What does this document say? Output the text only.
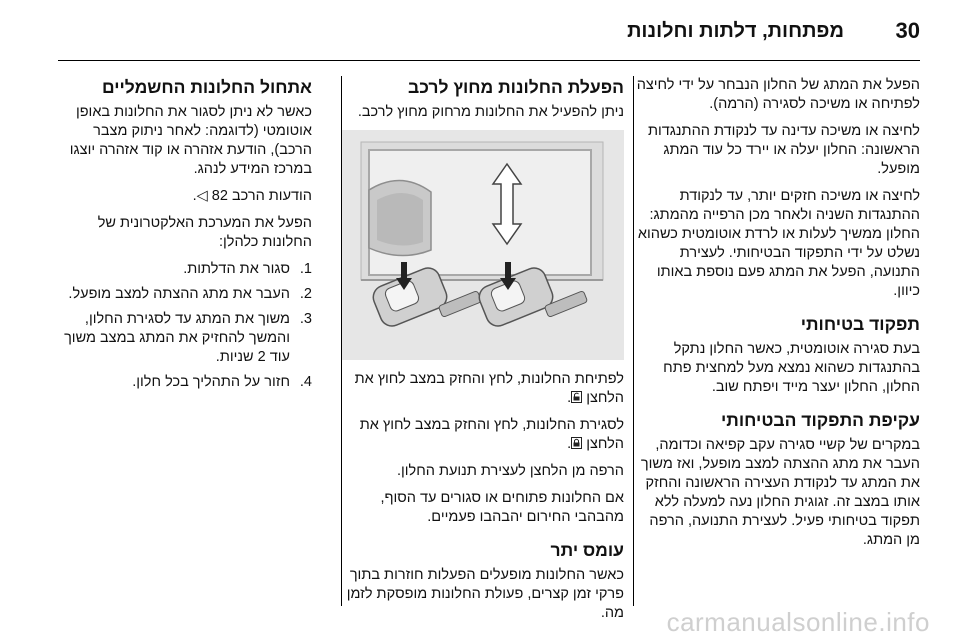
30
מפתחות, דלתות וחלונות

הפעל את המתג של החלון הנבחר על ידי לחיצה לפתיחה או משיכה לסגירה (הרמה).

לחיצה או משיכה עדינה עד לנקודת ההתנגדות הראשונה: החלון יעלה או יירד כל עוד המתג מופעל.

לחיצה או משיכה חזקים יותר, עד לנקודת ההתנגדות השניה ולאחר מכן הרפייה מהמתג: החלון ממשיך לעלות או לרדת אוטומטית כשהוא נשלט על ידי התפקוד הבטיחותי. לעצירת התנועה, הפעל את המתג פעם נוספת באותו כיוון.

תפקוד בטיחותי

בעת סגירה אוטומטית, כאשר החלון נתקל בהתנגדות כשהוא נמצא מעל למחצית פתח החלון, החלון יעצר מייד ויפתח שוב.

עקיפת התפקוד הבטיחותי

במקרים של קשיי סגירה עקב קפיאה וכדומה, העבר את מתג ההצתה למצב מופעל, ואז משוך את המתג עד לנקודת העצירה הראשונה והחזק אותו במצב זה. זגוגית החלון נעה למעלה ללא תפקוד בטיחותי פעיל. לעצירת התנועה, הרפה מן המתג.

הפעלת החלונות מחוץ לרכב

ניתן להפעיל את החלונות מרחוק מחוץ לרכב.

לפתיחת החלונות, לחץ והחזק במצב לחוץ את הלחצן .

לסגירת החלונות, לחץ והחזק במצב לחוץ את הלחצן .

הרפה מן הלחצן לעצירת תנועת החלון.

אם החלונות פתוחים או סגורים עד הסוף, מהבהבי החירום יהבהבו פעמיים.

עומס יתר

כאשר החלונות מופעלים הפעלות חוזרות בתוך פרקי זמן קצרים, פעולת החלונות מופסקת לזמן מה.

אתחול החלונות החשמליים

כאשר לא ניתן לסגור את החלונות באופן אוטומטי (לדוגמה: לאחר ניתוק מצבר הרכב), הודעת אזהרה או קוד אזהרה יוצגו במרכז המידע לנהג.

הודעות הרכב 82 ◁.

הפעל את המערכת האלקטרונית של החלונות כלהלן:

1.
סגור את הדלתות.
2.
העבר את מתג ההצתה למצב מופעל.
3.
משוך את המתג עד לסגירת החלון, והמשך להחזיק את המתג במצב משוך עוד 2 שניות.
4.
חזור על התהליך בכל חלון.
carmanualsonline.info
